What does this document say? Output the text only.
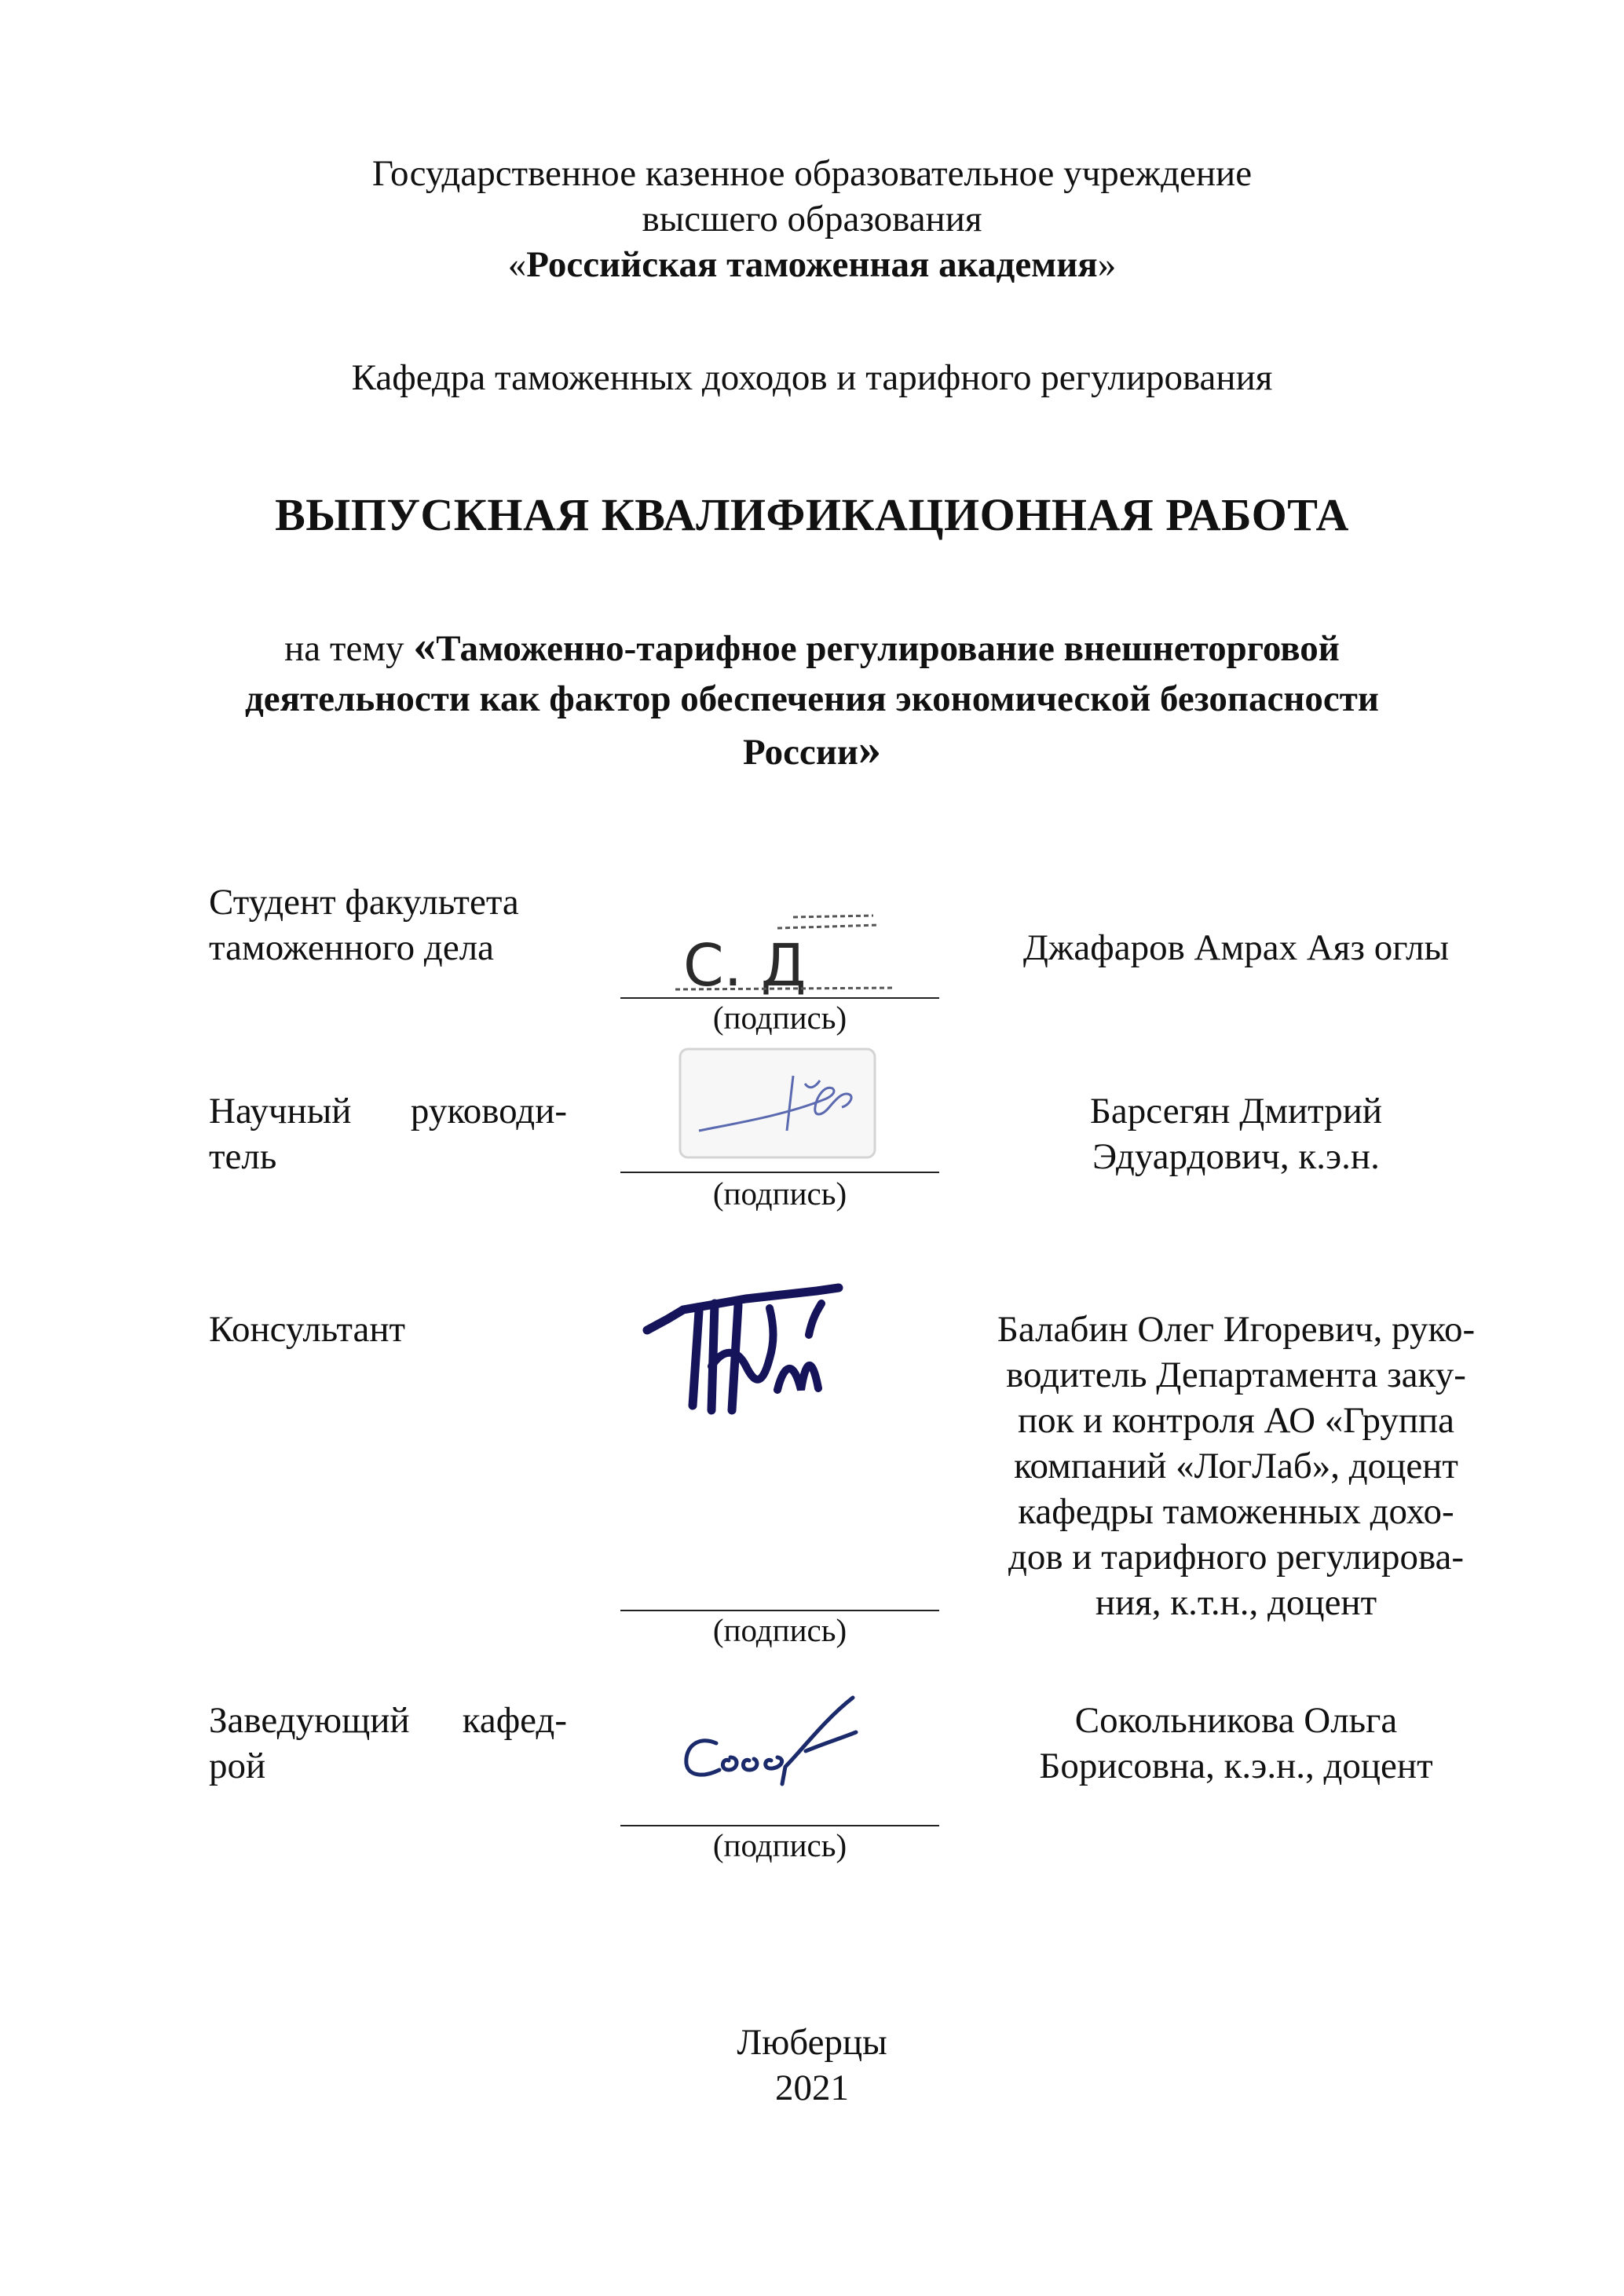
Государственное казенное образовательное учреждение
высшего образования
«Российская таможенная академия»
Кафедра таможенных доходов и тарифного регулирования
ВЫПУСКНАЯ КВАЛИФИКАЦИОННАЯ РАБОТА
на тему «Таможенно-тарифное регулирование внешнеторговой
деятельности как фактор обеспечения экономической безопасности
России»
Студент факультета
таможенного дела	С. Д
(подпись)
Джафаров Амрах Аяз оглы
Научный руководи-
тель
(подпись)
Барсегян Дмитрий
Эдуардович, к.э.н.
Консультант
(подпись)
Балабин Олег Игоревич, руко-
водитель Департамента заку-
пок и контроля АО «Группа
компаний «ЛогЛаб», доцент
кафедры таможенных дохо-
дов и тарифного регулирова-
ния, к.т.н., доцент
Заведующий кафед-
рой
(подпись)
Сокольникова Ольга
Борисовна, к.э.н., доцент
Люберцы
2021
